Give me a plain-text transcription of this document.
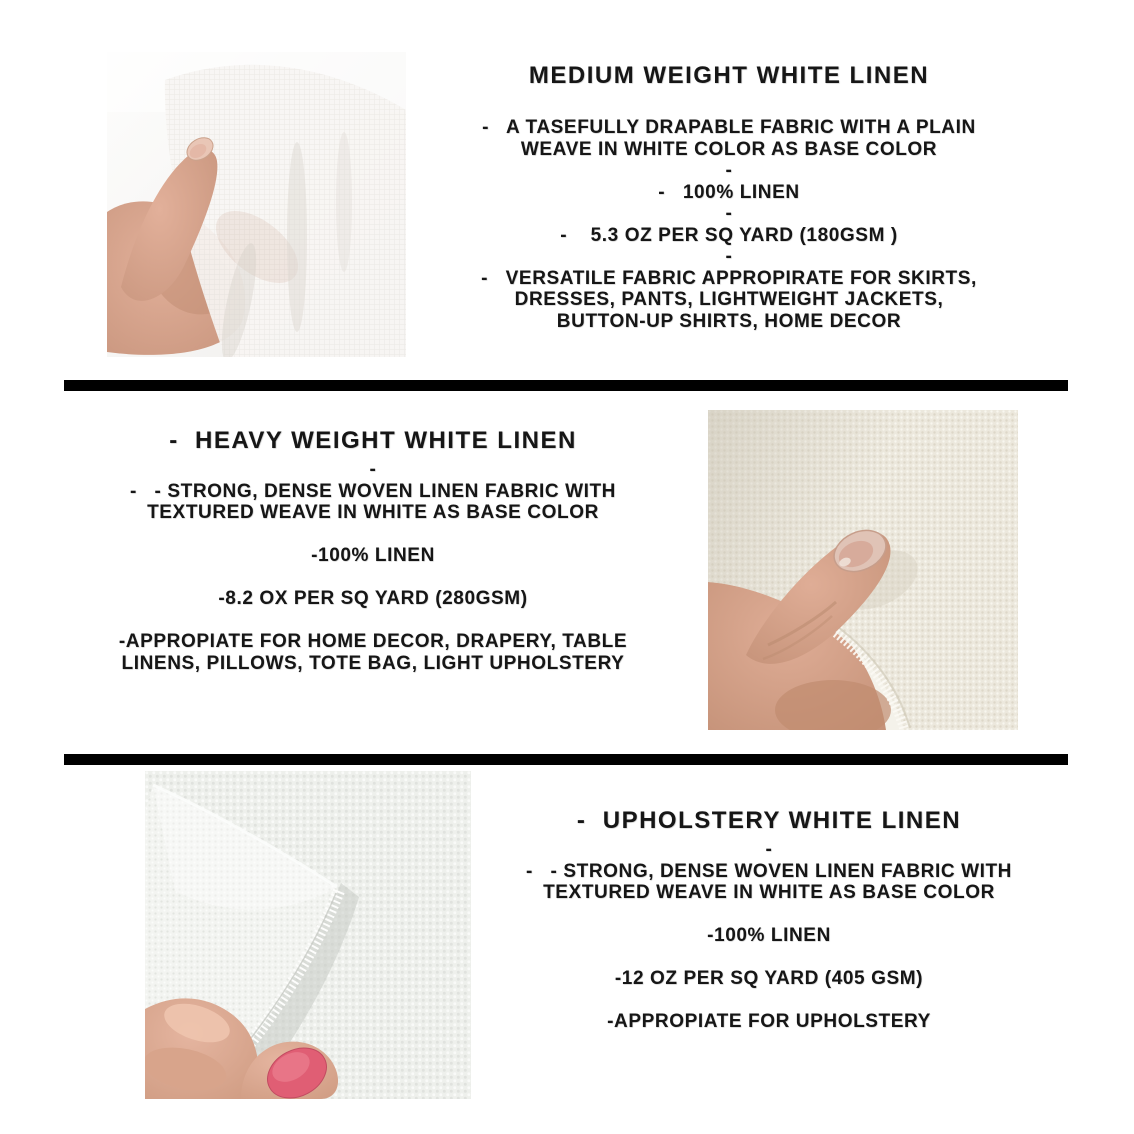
MEDIUM WEIGHT WHITE LINEN

-   A TASEFULLY DRAPABLE FABRIC WITH A PLAIN

WEAVE IN WHITE COLOR AS BASE COLOR

-

-   100% LINEN

-

-    5.3 OZ PER SQ YARD (180GSM )

-

-   VERSATILE FABRIC APPROPIRATE FOR SKIRTS,

DRESSES, PANTS, LIGHTWEIGHT JACKETS,

BUTTON-UP SHIRTS, HOME DECOR

-  HEAVY WEIGHT WHITE LINEN

-

-   - STRONG, DENSE WOVEN LINEN FABRIC WITH

TEXTURED WEAVE IN WHITE AS BASE COLOR

-100% LINEN

-8.2 OX PER SQ YARD (280GSM)

-APPROPIATE FOR HOME DECOR, DRAPERY, TABLE

LINENS, PILLOWS, TOTE BAG, LIGHT UPHOLSTERY

-  UPHOLSTERY WHITE LINEN

-

-   - STRONG, DENSE WOVEN LINEN FABRIC WITH

TEXTURED WEAVE IN WHITE AS BASE COLOR

-100% LINEN

-12 OZ PER SQ YARD (405 GSM)

-APPROPIATE FOR UPHOLSTERY
